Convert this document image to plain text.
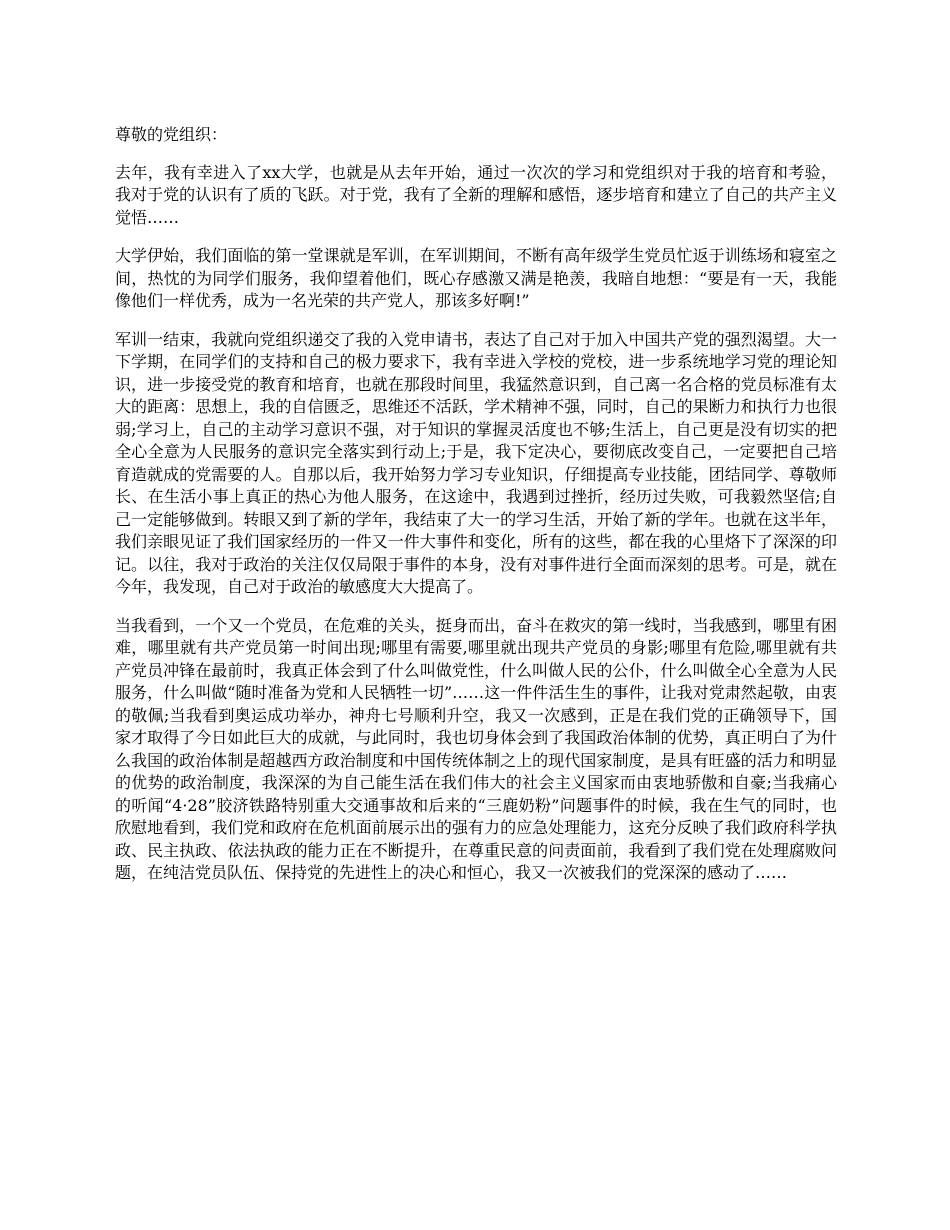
尊敬的党组织：

去年，我有幸进入了xx大学，也就是从去年开始，通过一次次的学习和党组织对于我的培育和考验，我对于党的认识有了质的飞跃。对于党，我有了全新的理解和感悟，逐步培育和建立了自己的共产主义觉悟……

大学伊始，我们面临的第一堂课就是军训，在军训期间，不断有高年级学生党员忙返于训练场和寝室之间，热忱的为同学们服务，我仰望着他们，既心存感激又满是艳羡，我暗自地想：“要是有一天，我能像他们一样优秀，成为一名光荣的共产党人，那该多好啊!”

军训一结束，我就向党组织递交了我的入党申请书，表达了自己对于加入中国共产党的强烈渴望。大一下学期，在同学们的支持和自己的极力要求下，我有幸进入学校的党校，进一步系统地学习党的理论知识，进一步接受党的教育和培育，也就在那段时间里，我猛然意识到，自己离一名合格的党员标准有太大的距离：思想上，我的自信匮乏，思维还不活跃，学术精神不强，同时，自己的果断力和执行力也很弱;学习上，自己的主动学习意识不强，对于知识的掌握灵活度也不够;生活上，自己更是没有切实的把全心全意为人民服务的意识完全落实到行动上;于是，我下定决心，要彻底改变自己，一定要把自己培育造就成的党需要的人。自那以后，我开始努力学习专业知识，仔细提高专业技能，团结同学、尊敬师长、在生活小事上真正的热心为他人服务，在这途中，我遇到过挫折，经历过失败，可我毅然坚信;自己一定能够做到。转眼又到了新的学年，我结束了大一的学习生活，开始了新的学年。也就在这半年，我们亲眼见证了我们国家经历的一件又一件大事件和变化，所有的这些，都在我的心里烙下了深深的印记。以往，我对于政治的关注仅仅局限于事件的本身，没有对事件进行全面而深刻的思考。可是，就在今年，我发现，自己对于政治的敏感度大大提高了。

当我看到，一个又一个党员，在危难的关头，挺身而出，奋斗在救灾的第一线时，当我感到，哪里有困难，哪里就有共产党员第一时间出现;哪里有需要,哪里就出现共产党员的身影;哪里有危险,哪里就有共产党员冲锋在最前时，我真正体会到了什么叫做党性，什么叫做人民的公仆，什么叫做全心全意为人民服务，什么叫做“随时准备为党和人民牺牲一切”……这一件件活生生的事件，让我对党肃然起敬，由衷的敬佩;当我看到奥运成功举办，神舟七号顺利升空，我又一次感到，正是在我们党的正确领导下，国家才取得了今日如此巨大的成就，与此同时，我也切身体会到了我国政治体制的优势，真正明白了为什么我国的政治体制是超越西方政治制度和中国传统体制之上的现代国家制度，是具有旺盛的活力和明显的优势的政治制度，我深深的为自己能生活在我们伟大的社会主义国家而由衷地骄傲和自豪;当我痛心的听闻“4·28”胶济铁路特别重大交通事故和后来的“三鹿奶粉”问题事件的时候，我在生气的同时，也欣慰地看到，我们党和政府在危机面前展示出的强有力的应急处理能力，这充分反映了我们政府科学执政、民主执政、依法执政的能力正在不断提升，在尊重民意的问责面前，我看到了我们党在处理腐败问题，在纯洁党员队伍、保持党的先进性上的决心和恒心，我又一次被我们的党深深的感动了……
